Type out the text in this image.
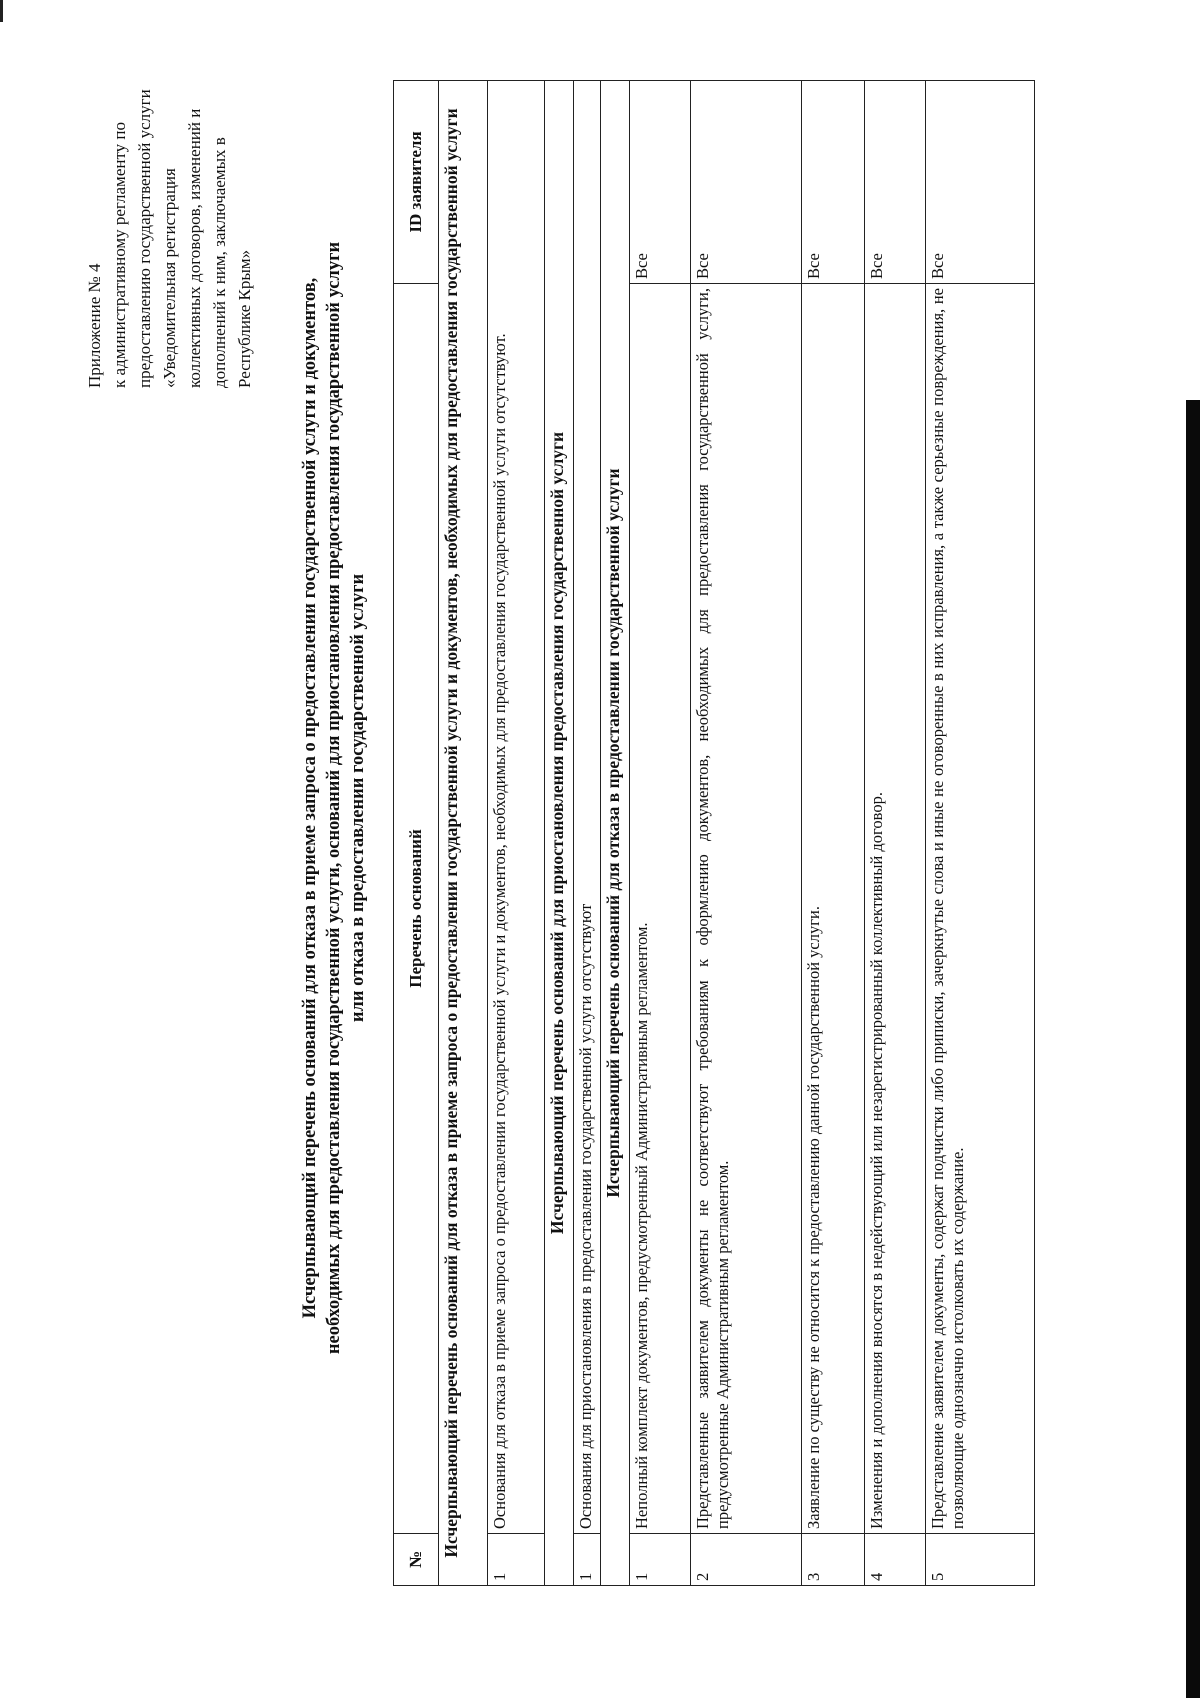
Приложение № 4 к административному регламенту по предоставлению государственной услуги «Уведомительная регистрация коллективных договоров, изменений и дополнений к ним, заключаемых в Республике Крым» Исчерпывающий перечень оснований для отказа в приеме запроса о предоставлении государственной услуги и документов, необходимых для предоставления государственной услуги, оснований для приостановления предоставления государственной услуги или отказа в предоставлении государственной услуги
№	Перечень оснований	ID заявителя
Исчерпывающий перечень оснований для отказа в приеме запроса о предоставлении государственной услуги и документов, необходимых для предоставления государственной услуги		
1	Основания для отказа в приеме запроса о предоставлении государственной услуги и документов, необходимых для предоставления государственной услуги отсутствуют.	
Исчерпывающий перечень оснований для приостановления предоставления государственной услуги		
1	Основания для приостановления в предоставлении государственной услуги отсутствуют	
Исчерпывающий перечень оснований для отказа в предоставлении государственной услуги		
1	Неполный комплект документов, предусмотренный Административным регламентом.	Все
2	Представленные заявителем документы не соответствуют требованиям к оформлению документов, необходимых для предоставления государственной услуги, предусмотренные Административным регламентом.	Все
3	Заявление по существу не относится к предоставлению данной государственной услуги.	Все
4	Изменения и дополнения вносятся в недействующий или незарегистрированный коллективный договор.	Все
5	Представление заявителем документы, содержат подчистки либо приписки, зачеркнутые слова и иные не оговоренные в них исправления, а также серьезные повреждения, не позволяющие однозначно истолковать их содержание.	Все
